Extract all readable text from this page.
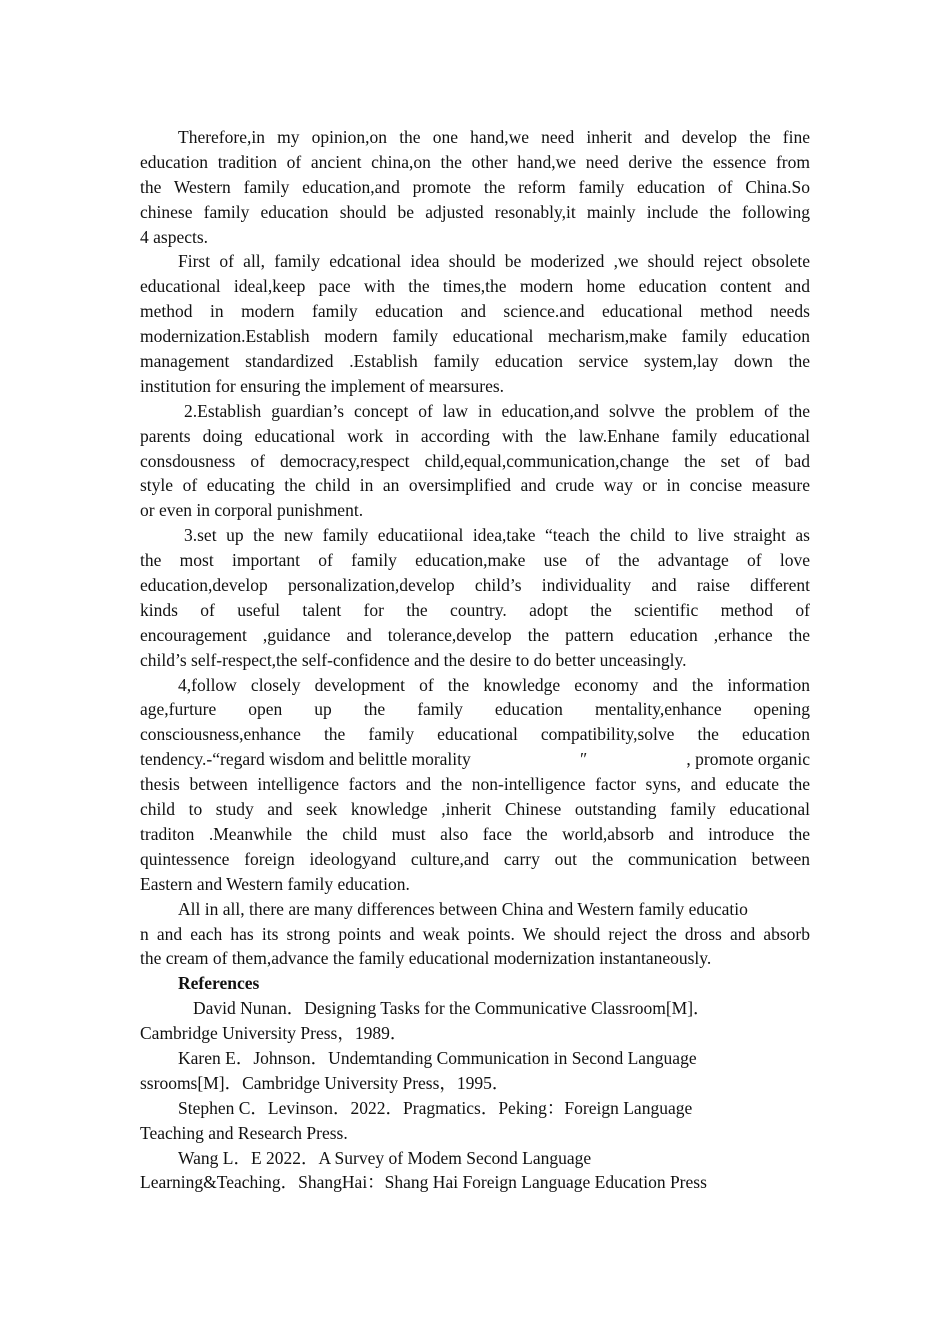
Therefore,in my opinion,on the one hand,we need inherit and develop the fine
education tradition of ancient china,on the other hand,we need derive the essence from
the Western family education,and promote the reform family education of China.So
chinese family education should be adjusted resonably,it mainly include the following
4 aspects.
First of all, family edcational idea should be moderized ,we should reject obsolete
educational ideal,keep pace with the times,the modern home education content and
method in modern family education and science.and educational method needs
modernization.Establish modern family educational mecharism,make family education
management standardized .Establish family education service system,lay down the
institution for ensuring the implement of mearsures.
2.Establish guardian’s concept of law in education,and solvve the problem of the
parents doing educational work in according with the law.Enhane family educational
consdousness of democracy,respect child,equal,communication,change the set of bad
style of educating the child in an oversimplified and crude way or in concise measure
or even in corporal punishment.
3.set up the new family educatiional idea,take “teach the child to live straight as
the most important of family education,make use of the advantage of love
education,develop personalization,develop child’s individuality and raise different
kinds of useful talent for the country. adopt the scientific method of
encouragement ,guidance and tolerance,develop the pattern education ,erhance the
child’s self-respect,the self-confidence and the desire to do better unceasingly.
4,follow closely development of the knowledge economy and the information
age,furture open up the family education mentality,enhance opening
consciousness,enhance the family educational compatibility,solve the education
tendency.-“regard wisdom and belittle morality	″	, promote organic
thesis between intelligence factors and the non-intelligence factor syns, and educate the
child to study and seek knowledge ,inherit Chinese outstanding family educational
traditon .Meanwhile the child must also face the world,absorb and introduce the
quintessence foreign ideologyand culture,and carry out the communication between
Eastern and Western family education.
All in all, there are many differences between China and Western family educatio
n and each has its strong points and weak points. We should reject the dross and absorb
the cream of them,advance the family educational modernization instantaneously.
References
David Nunan．Designing Tasks for the Communicative Classroom[M]．
Cambridge University Press，1989．
Karen E．Johnson．Undemtanding Communication in Second Language
ssrooms[M]．Cambridge University Press，1995．
Stephen C．Levinson．2022．Pragmatics．Peking：Foreign Language
Teaching and Research Press.
Wang L．E 2022．A Survey of Modem Second Language
Learning&Teaching．ShangHai：Shang Hai Foreign Language Education Press
